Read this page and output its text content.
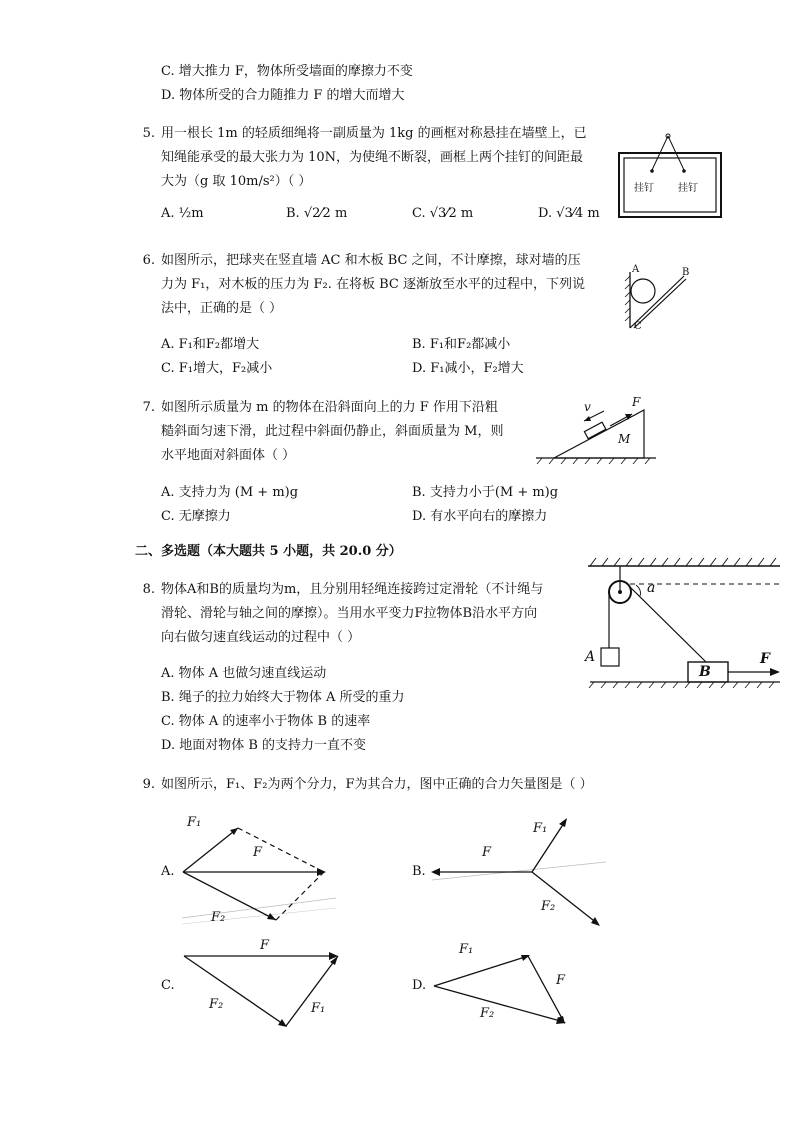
C. 增大推力 F，物体所受墙面的摩擦力不变
D. 物体所受的合力随推力 F 的增大而增大
5. 用一根长 1m 的轻质细绳将一副质量为 1kg 的画框对称悬挂在墙壁上，已
知绳能承受的最大张力为 10N，为使绳不断裂，画框上两个挂钉的间距最
大为（g 取 10m/s²）（ ）
A. ½m	B. √2⁄2 m	C. √3⁄2 m	D. √3⁄4 m
挂钉 挂钉
6. 如图所示，把球夹在竖直墙 AC 和木板 BC 之间，不计摩擦，球对墙的压
力为 F₁，对木板的压力为 F₂. 在将板 BC 逐渐放至水平的过程中，下列说
法中，正确的是（ ）
A. F₁和F₂都增大	B. F₁和F₂都减小
C. F₁增大，F₂减小	D. F₁减小，F₂增大
A	B
C
7. 如图所示质量为 m 的物体在沿斜面向上的力 F 作用下沿粗
糙斜面匀速下滑，此过程中斜面仍静止，斜面质量为 M，则
水平地面对斜面体（ ）
A. 支持力为 (M + m)g	B. 支持力小于(M + m)g
C. 无摩擦力	D. 有水平向右的摩擦力
v	F
M
二、多选题（本大题共 5 小题，共 20.0 分）
8. 物体A和B的质量均为m，且分别用轻绳连接跨过定滑轮（不计绳与
滑轮、滑轮与轴之间的摩擦）。当用水平变力F拉物体B沿水平方向
向右做匀速直线运动的过程中（ ）
A. 物体 A 也做匀速直线运动
B. 绳子的拉力始终大于物体 A 所受的重力
C. 物体 A 的速率小于物体 B 的速率
D. 地面对物体 B 的支持力一直不变
a
A
B
F
9. 如图所示，F₁、F₂为两个分力，F为其合力，图中正确的合力矢量图是（ ）
A.
F₁
F
F₂
B.
F₁
F
F₂
C.
F
F₂	F₁
D.
F₁
F
F₂
